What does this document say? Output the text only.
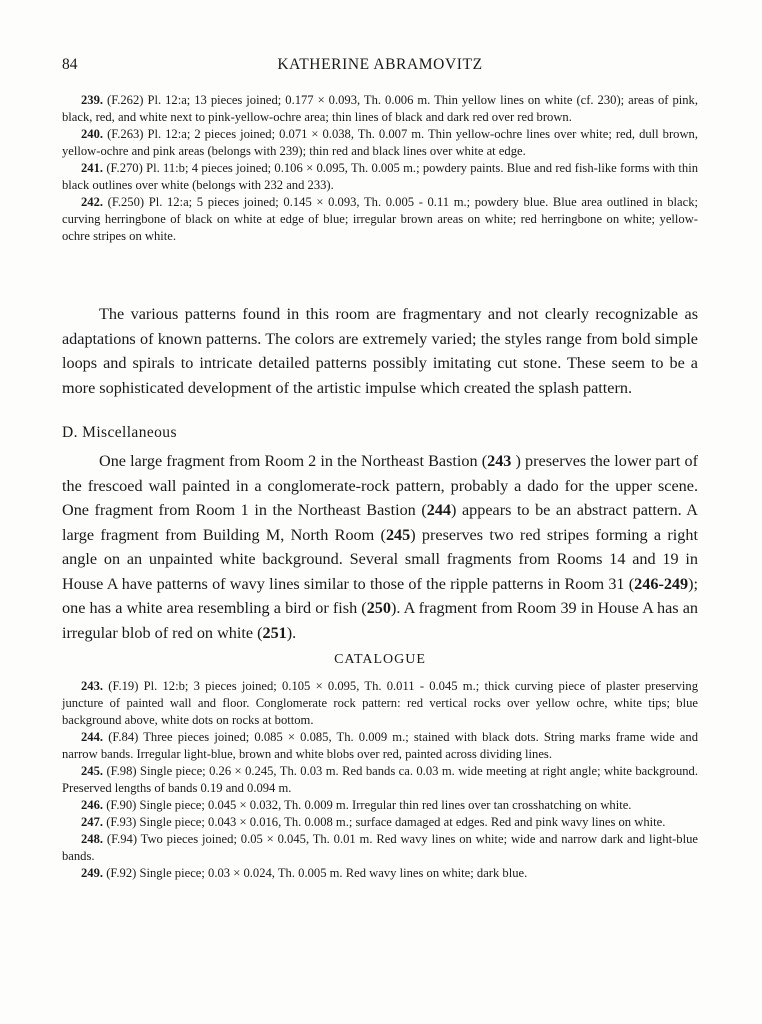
84	KATHERINE ABRAMOVITZ

239. (F.262) Pl. 12:a; 13 pieces joined; 0.177 × 0.093, Th. 0.006 m. Thin yellow lines on white (cf. 230); areas of pink, black, red, and white next to pink-yellow-ochre area; thin lines of black and dark red over red brown.

240. (F.263) Pl. 12:a; 2 pieces joined; 0.071 × 0.038, Th. 0.007 m. Thin yellow-ochre lines over white; red, dull brown, yellow-ochre and pink areas (belongs with 239); thin red and black lines over white at edge.

241. (F.270) Pl. 11:b; 4 pieces joined; 0.106 × 0.095, Th. 0.005 m.; powdery paints. Blue and red fish-like forms with thin black outlines over white (belongs with 232 and 233).

242. (F.250) Pl. 12:a; 5 pieces joined; 0.145 × 0.093, Th. 0.005 - 0.11 m.; powdery blue. Blue area outlined in black; curving herringbone of black on white at edge of blue; irregular brown areas on white; red herringbone on white; yellow-ochre stripes on white.

The various patterns found in this room are fragmentary and not clearly recognizable as adaptations of known patterns. The colors are extremely varied; the styles range from bold simple loops and spirals to intricate detailed patterns possibly imitating cut stone. These seem to be a more sophisticated development of the artistic impulse which created the splash pattern.

D. Miscellaneous

One large fragment from Room 2 in the Northeast Bastion (243 ) preserves the lower part of the frescoed wall painted in a conglomerate-rock pattern, probably a dado for the upper scene. One fragment from Room 1 in the Northeast Bastion (244) appears to be an abstract pattern. A large fragment from Building M, North Room (245) preserves two red stripes forming a right angle on an unpainted white background. Several small fragments from Rooms 14 and 19 in House A have patterns of wavy lines similar to those of the ripple patterns in Room 31 (246-249); one has a white area resembling a bird or fish (250). A fragment from Room 39 in House A has an irregular blob of red on white (251).

CATALOGUE

243. (F.19) Pl. 12:b; 3 pieces joined; 0.105 × 0.095, Th. 0.011 - 0.045 m.; thick curving piece of plaster preserving juncture of painted wall and floor. Conglomerate rock pattern: red vertical rocks over yellow ochre, white tips; blue background above, white dots on rocks at bottom.

244. (F.84) Three pieces joined; 0.085 × 0.085, Th. 0.009 m.; stained with black dots. String marks frame wide and narrow bands. Irregular light-blue, brown and white blobs over red, painted across dividing lines.

245. (F.98) Single piece; 0.26 × 0.245, Th. 0.03 m. Red bands ca. 0.03 m. wide meeting at right angle; white background. Preserved lengths of bands 0.19 and 0.094 m.

246. (F.90) Single piece; 0.045 × 0.032, Th. 0.009 m. Irregular thin red lines over tan crosshatching on white.

247. (F.93) Single piece; 0.043 × 0.016, Th. 0.008 m.; surface damaged at edges. Red and pink wavy lines on white.

248. (F.94) Two pieces joined; 0.05 × 0.045, Th. 0.01 m. Red wavy lines on white; wide and narrow dark and light-blue bands.

249. (F.92) Single piece; 0.03 × 0.024, Th. 0.005 m. Red wavy lines on white; dark blue.
